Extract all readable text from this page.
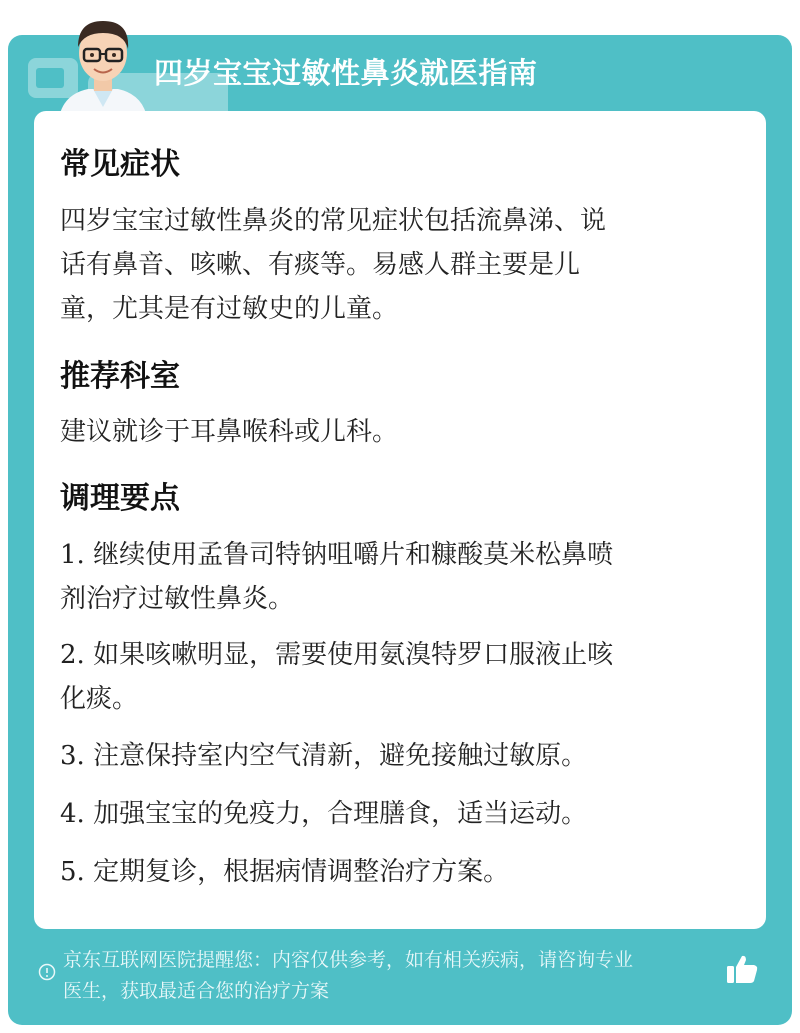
四岁宝宝过敏性鼻炎就医指南
常见症状
四岁宝宝过敏性鼻炎的常见症状包括流鼻涕、说
话有鼻音、咳嗽、有痰等。易感人群主要是儿
童，尤其是有过敏史的儿童。
推荐科室
建议就诊于耳鼻喉科或儿科。
调理要点
1. 继续使用孟鲁司特钠咀嚼片和糠酸莫米松鼻喷
剂治疗过敏性鼻炎。
2. 如果咳嗽明显，需要使用氨溴特罗口服液止咳
化痰。
3. 注意保持室内空气清新，避免接触过敏原。
4. 加强宝宝的免疫力，合理膳食，适当运动。
5. 定期复诊，根据病情调整治疗方案。
京东互联网医院提醒您：内容仅供参考，如有相关疾病，请咨询专业
医生，获取最适合您的治疗方案
